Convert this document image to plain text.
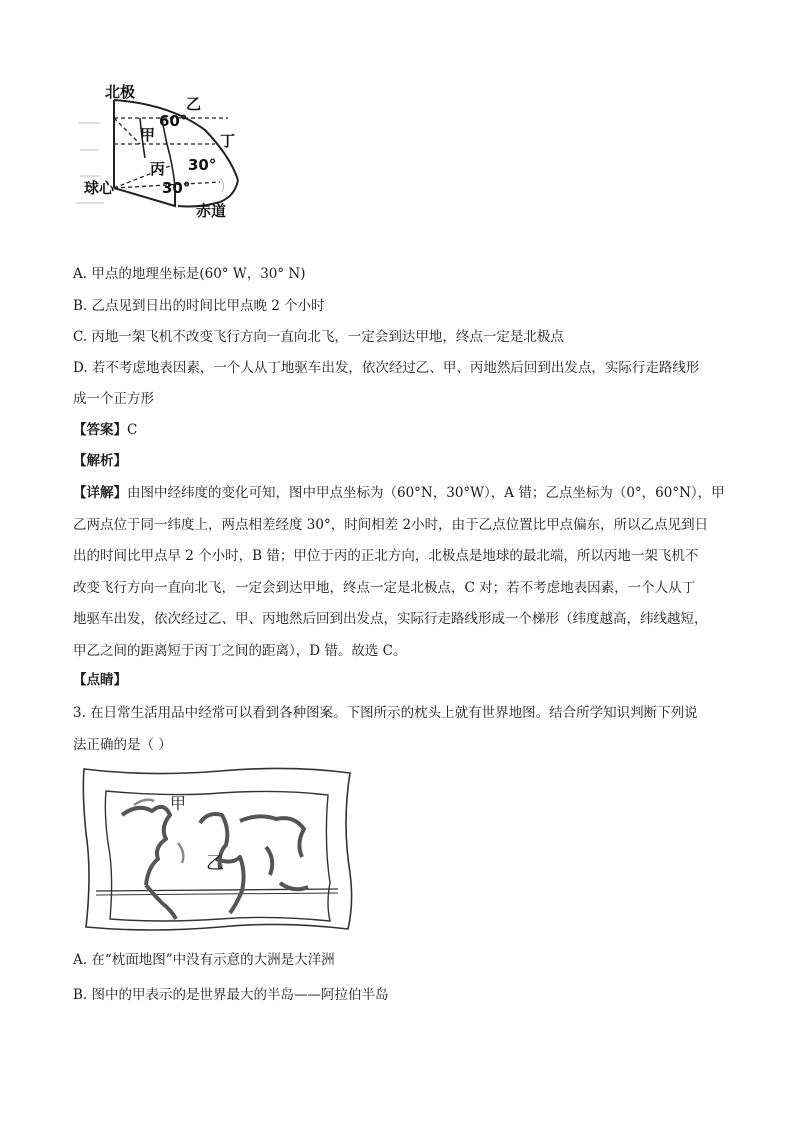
北极
乙
60°
甲	丁
丙 30°
球心	30°
赤道
A. 甲点的地理坐标是(60° W，30° N)
B. 乙点见到日出的时间比甲点晚 2 个小时
C. 丙地一架飞机不改变飞行方向一直向北飞，一定会到达甲地，终点一定是北极点
D. 若不考虑地表因素，一个人从丁地驱车出发，依次经过乙、甲、丙地然后回到出发点，实际行走路线形
成一个正方形
【答案】C
【解析】
【详解】由图中经纬度的变化可知，图中甲点坐标为（60°N，30°W），A 错；乙点坐标为（0°，60°N），甲
乙两点位于同一纬度上，两点相差经度 30°，时间相差 2小时，由于乙点位置比甲点偏东，所以乙点见到日
出的时间比甲点早 2 个小时，B 错；甲位于丙的正北方向，北极点是地球的最北端，所以丙地一架飞机不
改变飞行方向一直向北飞，一定会到达甲地，终点一定是北极点，C 对；若不考虑地表因素，一个人从丁
地驱车出发，依次经过乙、甲、丙地然后回到出发点，实际行走路线形成一个梯形（纬度越高，纬线越短，
甲乙之间的距离短于丙丁之间的距离），D 错。故选 C。
【点睛】
3. 在日常生活用品中经常可以看到各种图案。下图所示的枕头上就有世界地图。结合所学知识判断下列说
法正确的是（ ）
甲
乙
A. 在“枕面地图”中没有示意的大洲是大洋洲
B. 图中的甲表示的是世界最大的半岛——阿拉伯半岛
